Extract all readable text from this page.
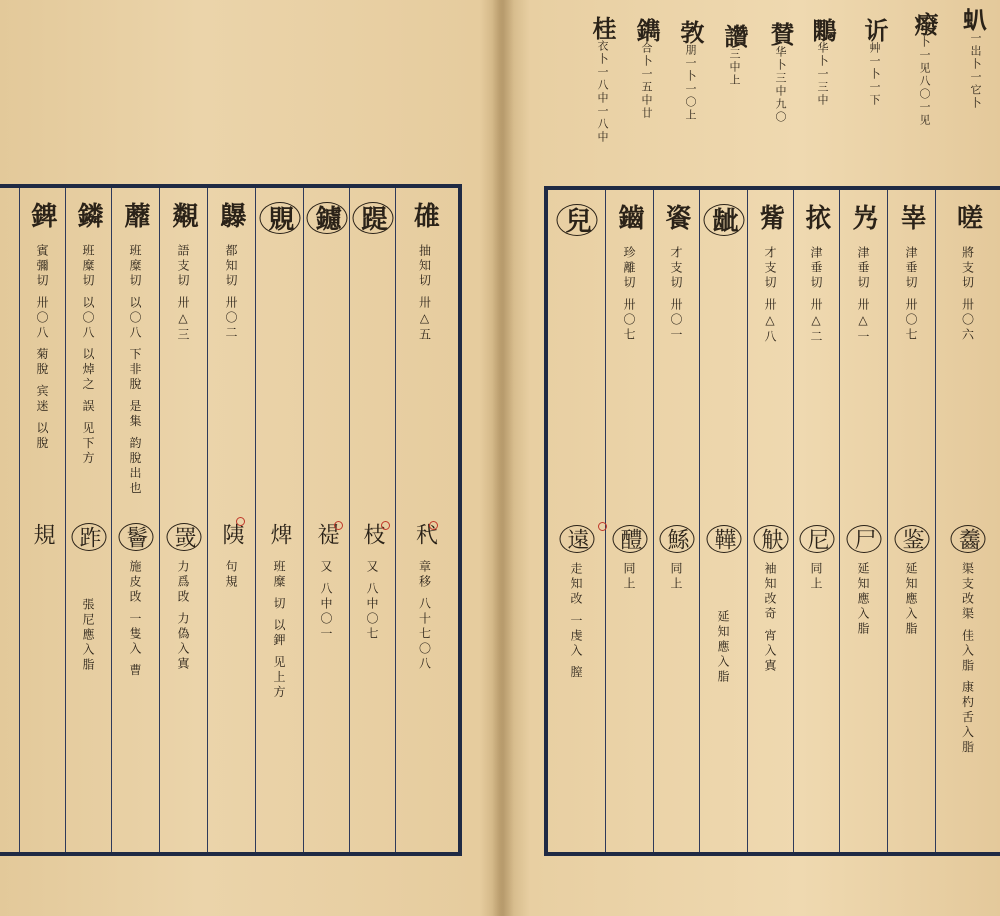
𧈢一岀卜一它卜
癈卜一见八〇一见
䜣艸一卜一下
鷴华卜一三中
賛华卜三中九〇
讚三中上
㪍朋一卜一〇上
鐫合卜一五中廿
桂衣卜一八中一八中
錍
賓彌切 卅〇八 菊脫 宾迷 以脫
規
鏻
班糜切 以〇八 以焯之 誤 见下方
䟭
張尼應入脂
蘼
班糜切 以〇八 下非脫 是集 韵脫出也
鬠
施皮攺 一隻入 曹
䚏
語支切 卅△三
罭
力爲攺 力偽入寘
鸔
都知切 卅〇二
䧅
句規
覞
焷
班糜 切 以鉀 见上方
鑢
禔
又 八中〇一
踶
枝
又 八中〇七
䧺
抽知切 卅△五
䄩
章移 八十七〇八
兒
遠
走知改 一虔入 膣
鑡
珍離切 卅〇七
醴
同上
餈
才支切 卅〇一
鯀
同上
龇
鞾
延知應入脂
觜
才支切 卅△八
觖
袖知改奇 宵入寘
挔
津垂切 卅△二
尼
同上
㞧
津垂切 卅△一
尸
延知應入脂
峷
津垂切 卅〇七
鉴
延知應入脂
嗟
將支切 卅〇六
齹
渠支改渠 佳入脂 康杓舌入脂
